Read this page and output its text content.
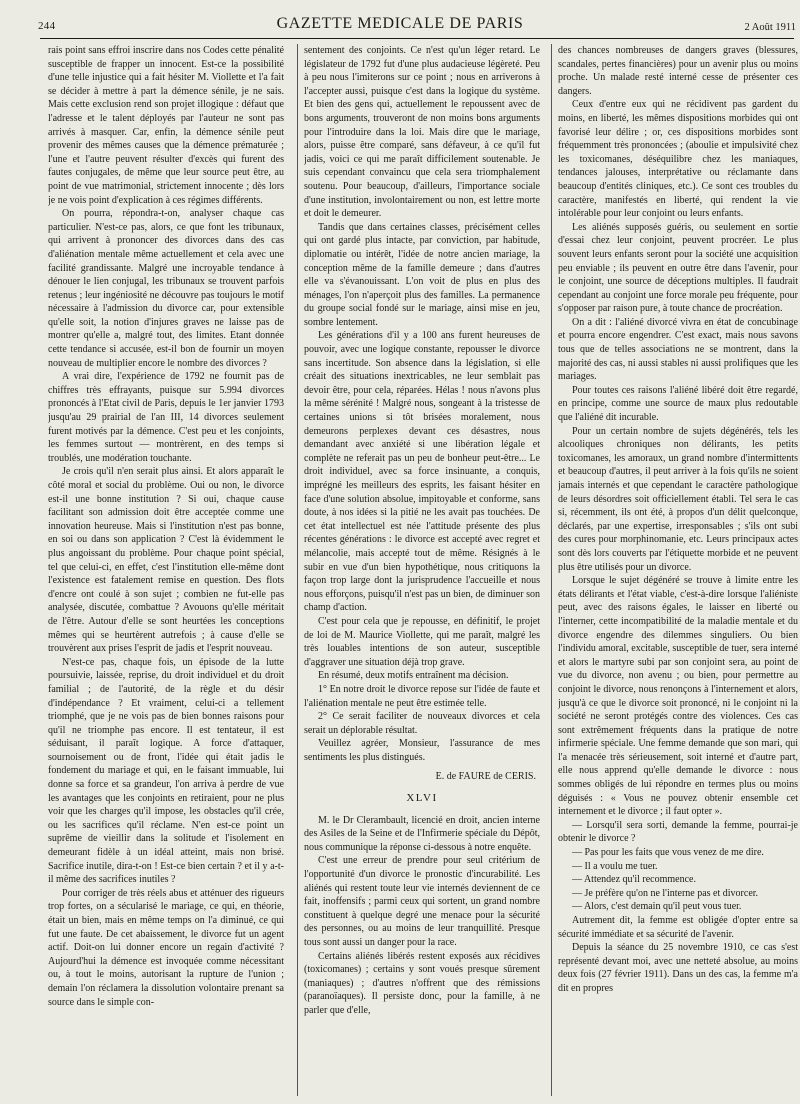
244	GAZETTE MEDICALE DE PARIS	2 Août 1911

rais point sans effroi inscrire dans nos Codes cette pénalité susceptible de frapper un innocent. Est-ce la possibilité d'une telle injustice qui a fait hésiter M. Viollette et l'a fait se décider à mettre à part la démence sénile, je ne sais. Mais cette exclusion rend son projet illogique : défaut que l'adresse et le talent déployés par l'auteur ne sont pas arrivés à masquer. Car, enfin, la démence sénile peut provenir des mêmes causes que la démence prématurée ; l'une et l'autre peuvent résulter d'excès qui furent des fautes conjugales, de même que leur source peut être, au point de vue matrimonial, strictement innocente ; dès lors je ne vois point d'explication à ces régimes différents.

On pourra, répondra-t-on, analyser chaque cas particulier. N'est-ce pas, alors, ce que font les tribunaux, qui arrivent à prononcer des divorces dans des cas d'aliénation mentale même actuellement et cela avec une facilité grandissante. Malgré une incroyable tendance à dénouer le lien conjugal, les tribunaux se trouvent parfois retenus ; leur ingéniosité ne découvre pas toujours le motif nécessaire à l'admission du divorce car, pour extensible qu'elle soit, la notion d'injures graves ne laisse pas de montrer qu'elle a, malgré tout, des limites. Etant donnée cette tendance si accusée, est-il bon de fournir un moyen nouveau de multiplier encore le nombre des divorces ?

A vrai dire, l'expérience de 1792 ne fournit pas de chiffres très effrayants, puisque sur 5.994 divorces prononcés à l'Etat civil de Paris, depuis le 1er janvier 1793 jusqu'au 29 prairial de l'an III, 14 divorces seulement furent motivés par la démence. C'est peu et les conjoints, les femmes surtout — montrèrent, en des temps si troublés, une modération touchante.

Je crois qu'il n'en serait plus ainsi. Et alors apparaît le côté moral et social du problème. Oui ou non, le divorce est-il une bonne institution ? Si oui, chaque cause facilitant son admission doit être acceptée comme une innovation heureuse. Mais si l'institution n'est pas bonne, en soi ou dans son application ? C'est là évidemment le plus angoissant du problème. Pour chaque point spécial, tel que celui-ci, en effet, c'est l'institution elle-même dont l'existence est fatalement remise en question. Des flots d'encre ont coulé à son sujet ; combien ne fut-elle pas analysée, discutée, combattue ? Avouons qu'elle méritait de l'être. Autour d'elle se sont heurtées les conceptions mêmes qui se heurtèrent autrefois ; à cause d'elle se trouvèrent aux prises l'esprit de jadis et l'esprit nouveau.

N'est-ce pas, chaque fois, un épisode de la lutte poursuivie, laissée, reprise, du droit individuel et du droit familial ; de l'autorité, de la règle et du désir d'indépendance ? Et vraiment, celui-ci a tellement triomphé, que je ne vois pas de bien bonnes raisons pour qu'il ne triomphe pas encore. Il est tentateur, il est séduisant, il paraît logique. A force d'attaquer, sournoisement ou de front, l'idée qui était jadis le fondement du mariage et qui, en le faisant immuable, lui donne sa force et sa grandeur, l'on arriva à perdre de vue les avantages que les conjoints en retiraient, pour ne plus voir que les charges qu'il impose, les obstacles qu'il crée, ou les sacrifices qu'il réclame. N'en est-ce point un suprême de vieillir dans la solitude et l'isolement en demeurant fidèle à un idéal atteint, mais non brisé. Sacrifice inutile, dira-t-on ! Est-ce bien certain ? et il y a-t-il même des sacrifices inutiles ?

Pour corriger de très réels abus et atténuer des rigueurs trop fortes, on a sécularisé le mariage, ce qui, en théorie, était un bien, mais en même temps on l'a diminué, ce qui fut une faute. De cet abaissement, le divorce fut un agent actif. Doit-on lui donner encore un regain d'activité ? Aujourd'hui la démence est invoquée comme nécessitant ou, à tout le moins, autorisant la rupture de l'union ; demain l'on réclamera la dissolution volontaire prenant sa source dans le simple con-

sentement des conjoints. Ce n'est qu'un léger retard. Le législateur de 1792 fut d'une plus audacieuse légèreté. Peu à peu nous l'imiterons sur ce point ; nous en arriverons à l'accepter aussi, puisque c'est dans la logique du système. Et bien des gens qui, actuellement le repoussent avec de bons arguments, trouveront de non moins bons arguments pour l'introduire dans la loi. Mais dire que le mariage, alors, puisse être comparé, sans défaveur, à ce qu'il fut jadis, voici ce qui me paraît difficilement soutenable. Je suis cependant convaincu que cela sera triomphalement soutenu. Pour beaucoup, d'ailleurs, l'importance sociale d'une institution, involontairement ou non, est lettre morte et doit le demeurer.

Tandis que dans certaines classes, précisément celles qui ont gardé plus intacte, par conviction, par habitude, diplomatie ou intérêt, l'idée de notre ancien mariage, la conception même de la famille demeure ; dans d'autres elle va s'évanouissant. L'on voit de plus en plus des ménages, l'on n'aperçoit plus des familles. La permanence du groupe social fondé sur le mariage, ainsi mise en jeu, sombre lentement.

Les générations d'il y a 100 ans furent heureuses de pouvoir, avec une logique constante, repousser le divorce sans incertitude. Son absence dans la législation, si elle créait des situations inextricables, ne leur semblait pas devoir être, pour cela, réparées. Hélas ! nous n'avons plus la même sérénité ! Malgré nous, songeant à la tristesse de certaines unions si tôt brisées moralement, nous demeurons perplexes devant ces désastres, nous demandant avec anxiété si une libération légale et complète ne referait pas un peu de bonheur peut-être... Le droit individuel, avec sa force insinuante, a conquis, imprégné les meilleurs des esprits, les faisant hésiter en face d'une solution absolue, impitoyable et conforme, sans doute, à nos idées si la pitié ne les avait pas touchées. De cet état intellectuel est née l'attitude présente des plus récentes générations : le divorce est accepté avec regret et mélancolie, mais accepté tout de même. Résignés à le subir en vue d'un bien hypothétique, nous critiquons la façon trop large dont la jurisprudence l'accueille et nous nous efforçons, puisqu'il n'est pas un bien, de diminuer son champ d'action.

C'est pour cela que je repousse, en définitif, le projet de loi de M. Maurice Viollette, qui me paraît, malgré les très louables intentions de son auteur, susceptible d'aggraver une situation déjà trop grave.

En résumé, deux motifs entraînent ma décision.

1° En notre droit le divorce repose sur l'idée de faute et l'aliénation mentale ne peut être estimée telle.

2° Ce serait faciliter de nouveaux divorces et cela serait un déplorable résultat.

Veuillez agréer, Monsieur, l'assurance de mes sentiments les plus distingués.

E. de FAURE de CERIS.

XLVI

M. le Dr Clerambault, licencié en droit, ancien interne des Asiles de la Seine et de l'Infirmerie spéciale du Dépôt, nous communique la réponse ci-dessous à notre enquête.

C'est une erreur de prendre pour seul critérium de l'opportunité d'un divorce le pronostic d'incurabilité. Les aliénés qui restent toute leur vie internés deviennent de ce fait, inoffensifs ; parmi ceux qui sortent, un grand nombre constituent à quelque degré une menace pour la sécurité des personnes, ou au moins de leur tranquillité. Presque tous sont aussi un danger pour la race.

Certains aliénés libérés restent exposés aux récidives (toxicomanes) ; certains y sont voués presque sûrement (maniaques) ; d'autres n'offrent que des rémissions (paranoïaques). Il persiste donc, pour la famille, à ne parler que d'elle,

des chances nombreuses de dangers graves (blessures, scandales, pertes financières) pour un avenir plus ou moins proche. Un malade resté interné cesse de présenter ces dangers.

Ceux d'entre eux qui ne récidivent pas gardent du moins, en liberté, les mêmes dispositions morbides qui ont favorisé leur délire ; or, ces dispositions morbides sont fréquemment très prononcées ; (aboulie et impulsivité chez les toxicomanes, déséquilibre chez les maniaques, tendances jalouses, interprétative ou réclamante dans beaucoup d'entités cliniques, etc.). Ce sont ces troubles du caractère, manifestés en liberté, qui rendent la vie intolérable pour leur conjoint ou leurs enfants.

Les aliénés supposés guéris, ou seulement en sortie d'essai chez leur conjoint, peuvent procréer. Le plus souvent leurs enfants seront pour la société une acquisition peu enviable ; ils peuvent en outre être dans l'avenir, pour le conjoint, une source de déceptions multiples. Il faudrait cependant au conjoint une force morale peu fréquente, pour s'opposer par raison pure, à toute chance de procréation.

On a dit : l'aliéné divorcé vivra en état de concubinage et pourra encore engendrer. C'est exact, mais nous savons tous que de telles associations ne se montrent, dans la majorité des cas, ni aussi stables ni aussi prolifiques que les mariages.

Pour toutes ces raisons l'aliéné libéré doit être regardé, en principe, comme une source de maux plus redoutable que l'aliéné dit incurable.

Pour un certain nombre de sujets dégénérés, tels les alcooliques chroniques non délirants, les petits toxicomanes, les amoraux, un grand nombre d'intermittents et beaucoup d'autres, il peut arriver à la fois qu'ils ne soient jamais internés et que cependant le caractère pathologique de leurs désordres soit officiellement établi. Tel sera le cas si, récemment, ils ont été, à propos d'un délit quelconque, déclarés, par une expertise, irresponsables ; s'ils ont subi des cures pour morphinomanie, etc. Leurs principaux actes sont dès lors couverts par l'étiquette morbide et ne peuvent plus être utilisés pour un divorce.

Lorsque le sujet dégénéré se trouve à limite entre les états délirants et l'état viable, c'est-à-dire lorsque l'aliéniste peut, avec des raisons égales, le laisser en liberté ou l'interner, cette incompatibilité de la maladie mentale et du divorce engendre des dilemmes singuliers. Ou bien l'individu amoral, excitable, susceptible de tuer, sera interné et alors le martyre subi par son conjoint sera, au point de vue du divorce, non avenu ; ou bien, pour permettre au conjoint le divorce, nous renonçons à l'internement et alors, jusqu'à ce que le divorce soit prononcé, ni le conjoint ni la société ne seront protégés contre des violences. Ces cas sont extrêmement fréquents dans la pratique de notre infirmerie spéciale. Une femme demande que son mari, qui l'a menacée très sérieusement, soit interné et d'autre part, elle nous apprend qu'elle demande le divorce : nous sommes obligés de lui répondre en termes plus ou moins déguisés : « Vous ne pouvez obtenir ensemble cet internement et le divorce ; il faut opter ».

— Lorsqu'il sera sorti, demande la femme, pourrai-je obtenir le divorce ?

— Pas pour les faits que vous venez de me dire.

— Il a voulu me tuer.

— Attendez qu'il recommence.

— Je préfère qu'on ne l'interne pas et divorcer.

— Alors, c'est demain qu'il peut vous tuer.

Autrement dit, la femme est obligée d'opter entre sa sécurité immédiate et sa sécurité de l'avenir.

Depuis la séance du 25 novembre 1910, ce cas s'est représenté devant moi, avec une netteté absolue, au moins deux fois (27 février 1911). Dans un des cas, la femme m'a dit en propres
